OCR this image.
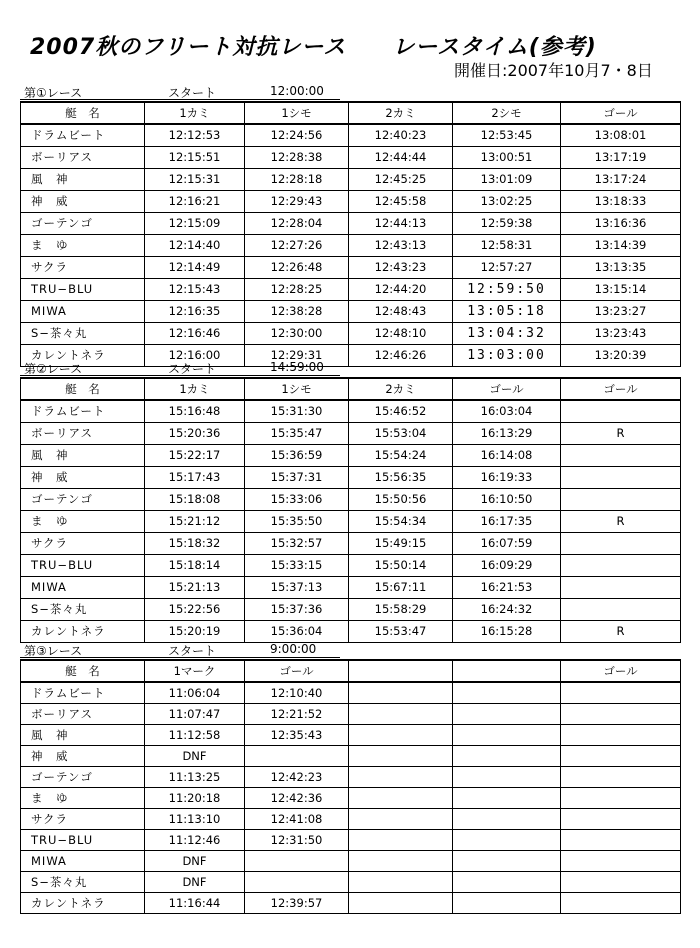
2007秋のフリート対抗レース レースタイム(参考)
開催日:2007年10月7・8日
第①レース	スタート	12:00:00
艇　名	1カミ	1シモ	2カミ	2シモ	ゴール
ドラムビート	12:12:53	12:24:56	12:40:23	12:53:45	13:08:01
ボーリアス	12:15:51	12:28:38	12:44:44	13:00:51	13:17:19
風　神	12:15:31	12:28:18	12:45:25	13:01:09	13:17:24
神　威	12:16:21	12:29:43	12:45:58	13:02:25	13:18:33
ゴーテンゴ	12:15:09	12:28:04	12:44:13	12:59:38	13:16:36
ま　ゆ	12:14:40	12:27:26	12:43:13	12:58:31	13:14:39
サクラ	12:14:49	12:26:48	12:43:23	12:57:27	13:13:35
TRU−BLU	12:15:43	12:28:25	12:44:20	12:59:50	13:15:14
MIWA	12:16:35	12:38:28	12:48:43	13:05:18	13:23:27
S−茶々丸	12:16:46	12:30:00	12:48:10	13:04:32	13:23:43
カレントネラ	12:16:00	12:29:31	12:46:26	13:03:00	13:20:39
第②レース	スタート	14:59:00
艇　名	1カミ	1シモ	2カミ	ゴール	ゴール
ドラムビート	15:16:48	15:31:30	15:46:52	16:03:04	
ボーリアス	15:20:36	15:35:47	15:53:04	16:13:29	R
風　神	15:22:17	15:36:59	15:54:24	16:14:08	
神　威	15:17:43	15:37:31	15:56:35	16:19:33	
ゴーテンゴ	15:18:08	15:33:06	15:50:56	16:10:50	
ま　ゆ	15:21:12	15:35:50	15:54:34	16:17:35	R
サクラ	15:18:32	15:32:57	15:49:15	16:07:59	
TRU−BLU	15:18:14	15:33:15	15:50:14	16:09:29	
MIWA	15:21:13	15:37:13	15:67:11	16:21:53	
S−茶々丸	15:22:56	15:37:36	15:58:29	16:24:32	
カレントネラ	15:20:19	15:36:04	15:53:47	16:15:28	R
第③レース	スタート	9:00:00
艇　名	1マーク	ゴール			ゴール
ドラムビート	11:06:04	12:10:40			
ボーリアス	11:07:47	12:21:52			
風　神	11:12:58	12:35:43			
神　威	DNF				
ゴーテンゴ	11:13:25	12:42:23			
ま　ゆ	11:20:18	12:42:36			
サクラ	11:13:10	12:41:08			
TRU−BLU	11:12:46	12:31:50			
MIWA	DNF				
S−茶々丸	DNF				
カレントネラ	11:16:44	12:39:57			
